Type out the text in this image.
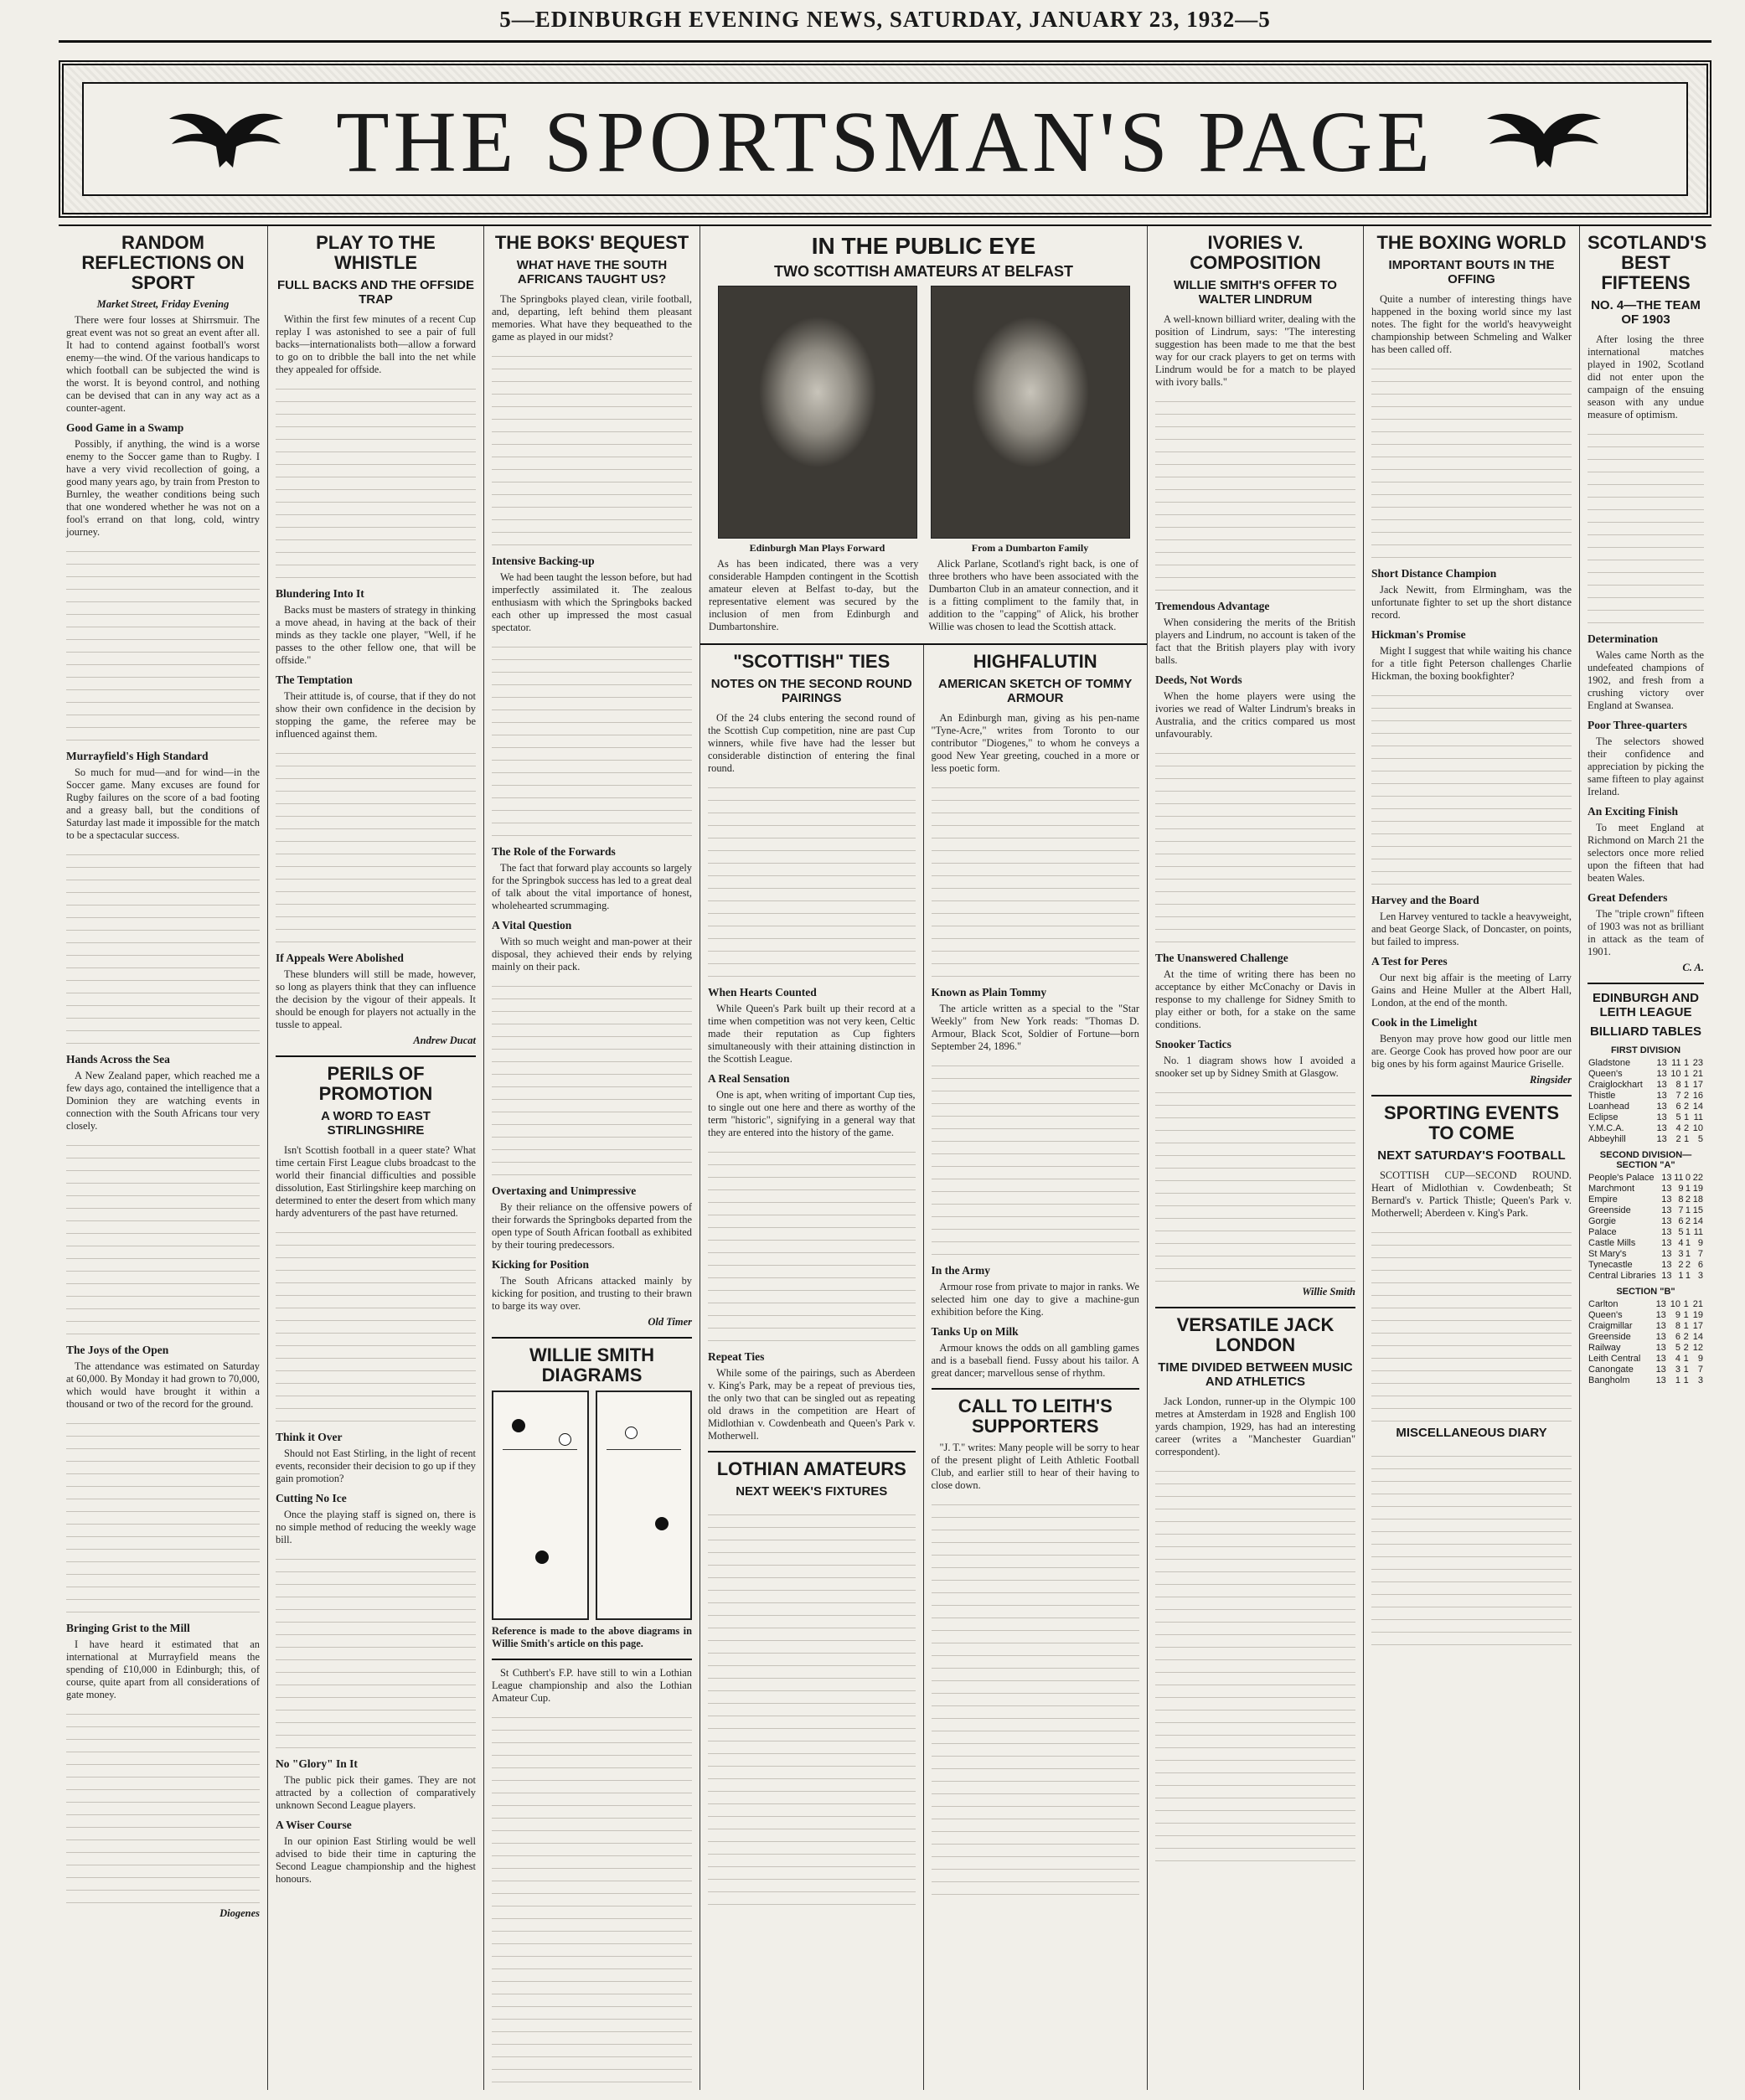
5—EDINBURGH EVENING NEWS, SATURDAY, JANUARY 23, 1932—5
THE SPORTSMAN'S PAGE
RANDOM REFLECTIONS ON SPORT
Market Street, Friday Evening

There were four losses at Shirrsmuir. The great event was not so great an event after all. It had to contend against football's worst enemy—the wind. Of the various handicaps to which football can be subjected the wind is the worst. It is beyond control, and nothing can be devised that can in any way act as a counter-agent.

Good Game in a Swamp

Possibly, if anything, the wind is a worse enemy to the Soccer game than to Rugby. I have a very vivid recollection of going, a good many years ago, by train from Preston to Burnley, the weather conditions being such that one wondered whether he was not on a fool's errand on that long, cold, wintry journey.

Murrayfield's High Standard

So much for mud—and for wind—in the Soccer game. Many excuses are found for Rugby failures on the score of a bad footing and a greasy ball, but the conditions of Saturday last made it impossible for the match to be a spectacular success.

Hands Across the Sea

A New Zealand paper, which reached me a few days ago, contained the intelligence that a Dominion they are watching events in connection with the South Africans tour very closely.

The Joys of the Open

The attendance was estimated on Saturday at 60,000. By Monday it had grown to 70,000, which would have brought it within a thousand or two of the record for the ground.

Bringing Grist to the Mill

I have heard it estimated that an international at Murrayfield means the spending of £10,000 in Edinburgh; this, of course, quite apart from all considerations of gate money.

Diogenes
PLAY TO THE WHISTLE
FULL BACKS AND THE OFFSIDE TRAP

Within the first few minutes of a recent Cup replay I was astonished to see a pair of full backs—internationalists both—allow a forward to go on to dribble the ball into the net while they appealed for offside.

Blundering Into It

Backs must be masters of strategy in thinking a move ahead, in having at the back of their minds as they tackle one player, "Well, if he passes to the other fellow one, that will be offside."

The Temptation

Their attitude is, of course, that if they do not show their own confidence in the decision by stopping the game, the referee may be influenced against them.

If Appeals Were Abolished

These blunders will still be made, however, so long as players think that they can influence the decision by the vigour of their appeals. It should be enough for players not actually in the tussle to appeal.

Andrew Ducat
PERILS OF PROMOTION
A WORD TO EAST STIRLINGSHIRE

Isn't Scottish football in a queer state? What time certain First League clubs broadcast to the world their financial difficulties and possible dissolution, East Stirlingshire keep marching on determined to enter the desert from which many hardy adventurers of the past have returned.

Think it Over

Should not East Stirling, in the light of recent events, reconsider their decision to go up if they gain promotion?

Cutting No Ice

Once the playing staff is signed on, there is no simple method of reducing the weekly wage bill.

No "Glory" In It

The public pick their games. They are not attracted by a collection of comparatively unknown Second League players.

A Wiser Course

In our opinion East Stirling would be well advised to bide their time in capturing the Second League championship and the highest honours.

THE BOKS' BEQUEST
WHAT HAVE THE SOUTH AFRICANS TAUGHT US?

The Springboks played clean, virile football, and, departing, left behind them pleasant memories. What have they bequeathed to the game as played in our midst?

Intensive Backing-up

We had been taught the lesson before, but had imperfectly assimilated it. The zealous enthusiasm with which the Springboks backed each other up impressed the most casual spectator.

The Role of the Forwards

The fact that forward play accounts so largely for the Springbok success has led to a great deal of talk about the vital importance of honest, wholehearted scrummaging.

A Vital Question

With so much weight and man-power at their disposal, they achieved their ends by relying mainly on their pack.

Overtaxing and Unimpressive

By their reliance on the offensive powers of their forwards the Springboks departed from the open type of South African football as exhibited by their touring predecessors.

Kicking for Position

The South Africans attacked mainly by kicking for position, and trusting to their brawn to barge its way over.

Old Timer
WILLIE SMITH DIAGRAMS

Reference is made to the above diagrams in Willie Smith's article on this page.

St Cuthbert's F.P. have still to win a Lothian League championship and also the Lothian Amateur Cup.

IN THE PUBLIC EYE
TWO SCOTTISH AMATEURS AT BELFAST
Edinburgh Man Plays Forward	From a Dumbarton Family

As has been indicated, there was a very considerable Hampden contingent in the Scottish amateur eleven at Belfast to-day, but the representative element was secured by the inclusion of men from Edinburgh and Dumbartonshire.

Alick Parlane, Scotland's right back, is one of three brothers who have been associated with the Dumbarton Club in an amateur connection, and it is a fitting compliment to the family that, in addition to the "capping" of Alick, his brother Willie was chosen to lead the Scottish attack.

"SCOTTISH" TIES
NOTES ON THE SECOND ROUND PAIRINGS

Of the 24 clubs entering the second round of the Scottish Cup competition, nine are past Cup winners, while five have had the lesser but considerable distinction of entering the final round.

When Hearts Counted

While Queen's Park built up their record at a time when competition was not very keen, Celtic made their reputation as Cup fighters simultaneously with their attaining distinction in the Scottish League.

A Real Sensation

One is apt, when writing of important Cup ties, to single out one here and there as worthy of the term "historic", signifying in a general way that they are entered into the history of the game.

Repeat Ties

While some of the pairings, such as Aberdeen v. King's Park, may be a repeat of previous ties, the only two that can be singled out as repeating old draws in the competition are Heart of Midlothian v. Cowdenbeath and Queen's Park v. Motherwell.

LOTHIAN AMATEURS
NEXT WEEK'S FIXTURES
HIGHFALUTIN
AMERICAN SKETCH OF TOMMY ARMOUR

An Edinburgh man, giving as his pen-name "Tyne-Acre," writes from Toronto to our contributor "Diogenes," to whom he conveys a good New Year greeting, couched in a more or less poetic form.

Known as Plain Tommy

The article written as a special to the "Star Weekly" from New York reads: "Thomas D. Armour, Black Scot, Soldier of Fortune—born September 24, 1896."

In the Army

Armour rose from private to major in ranks. We selected him one day to give a machine-gun exhibition before the King.

Tanks Up on Milk

Armour knows the odds on all gambling games and is a baseball fiend. Fussy about his tailor. A great dancer; marvellous sense of rhythm.

CALL TO LEITH'S SUPPORTERS

"J. T." writes: Many people will be sorry to hear of the present plight of Leith Athletic Football Club, and earlier still to hear of their having to close down.

IVORIES V. COMPOSITION
WILLIE SMITH'S OFFER TO WALTER LINDRUM

A well-known billiard writer, dealing with the position of Lindrum, says: "The interesting suggestion has been made to me that the best way for our crack players to get on terms with Lindrum would be for a match to be played with ivory balls."

Tremendous Advantage

When considering the merits of the British players and Lindrum, no account is taken of the fact that the British players play with ivory balls.

Deeds, Not Words

When the home players were using the ivories we read of Walter Lindrum's breaks in Australia, and the critics compared us most unfavourably.

The Unanswered Challenge

At the time of writing there has been no acceptance by either McConachy or Davis in response to my challenge for Sidney Smith to play either or both, for a stake on the same conditions.

Snooker Tactics

No. 1 diagram shows how I avoided a snooker set up by Sidney Smith at Glasgow.

Willie Smith
VERSATILE JACK LONDON
TIME DIVIDED BETWEEN MUSIC AND ATHLETICS

Jack London, runner-up in the Olympic 100 metres at Amsterdam in 1928 and English 100 yards champion, 1929, has had an interesting career (writes a "Manchester Guardian" correspondent).

THE BOXING WORLD
IMPORTANT BOUTS IN THE OFFING

Quite a number of interesting things have happened in the boxing world since my last notes. The fight for the world's heavyweight championship between Schmeling and Walker has been called off.

Short Distance Champion

Jack Newitt, from Elrmingham, was the unfortunate fighter to set up the short distance record.

Hickman's Promise

Might I suggest that while waiting his chance for a title fight Peterson challenges Charlie Hickman, the boxing bookfighter?

Harvey and the Board

Len Harvey ventured to tackle a heavyweight, and beat George Slack, of Doncaster, on points, but failed to impress.

A Test for Peres

Our next big affair is the meeting of Larry Gains and Heine Muller at the Albert Hall, London, at the end of the month.

Cook in the Limelight

Benyon may prove how good our little men are. George Cook has proved how poor are our big ones by his form against Maurice Griselle.

Ringsider
SPORTING EVENTS TO COME
NEXT SATURDAY'S FOOTBALL

SCOTTISH CUP—SECOND ROUND. Heart of Midlothian v. Cowdenbeath; St Bernard's v. Partick Thistle; Queen's Park v. Motherwell; Aberdeen v. King's Park.

MISCELLANEOUS DIARY
SCOTLAND'S BEST FIFTEENS
NO. 4—THE TEAM OF 1903

After losing the three international matches played in 1902, Scotland did not enter upon the campaign of the ensuing season with any undue measure of optimism.

Determination

Wales came North as the undefeated champions of 1902, and fresh from a crushing victory over England at Swansea.

Poor Three-quarters

The selectors showed their confidence and appreciation by picking the same fifteen to play against Ireland.

An Exciting Finish

To meet England at Richmond on March 21 the selectors once more relied upon the fifteen that had beaten Wales.

Great Defenders

The "triple crown" fifteen of 1903 was not as brilliant in attack as the team of 1901.

C. A.
EDINBURGH AND LEITH LEAGUE
BILLIARD TABLES
FIRST DIVISION
Gladstone	13	11	1	23
Queen's	13	10	1	21
Craiglockhart	13	8	1	17
Thistle	13	7	2	16
Loanhead	13	6	2	14
Eclipse	13	5	1	11
Y.M.C.A.	13	4	2	10
Abbeyhill	13	2	1	5
SECOND DIVISION—SECTION "A"
People's Palace	13	11	0	22
Marchmont	13	9	1	19
Empire	13	8	2	18
Greenside	13	7	1	15
Gorgie	13	6	2	14
Palace	13	5	1	11
Castle Mills	13	4	1	9
St Mary's	13	3	1	7
Tynecastle	13	2	2	6
Central Libraries	13	1	1	3
SECTION "B"
Carlton	13	10	1	21
Queen's	13	9	1	19
Craigmillar	13	8	1	17
Greenside	13	6	2	14
Railway	13	5	2	12
Leith Central	13	4	1	9
Canongate	13	3	1	7
Bangholm	13	1	1	3
